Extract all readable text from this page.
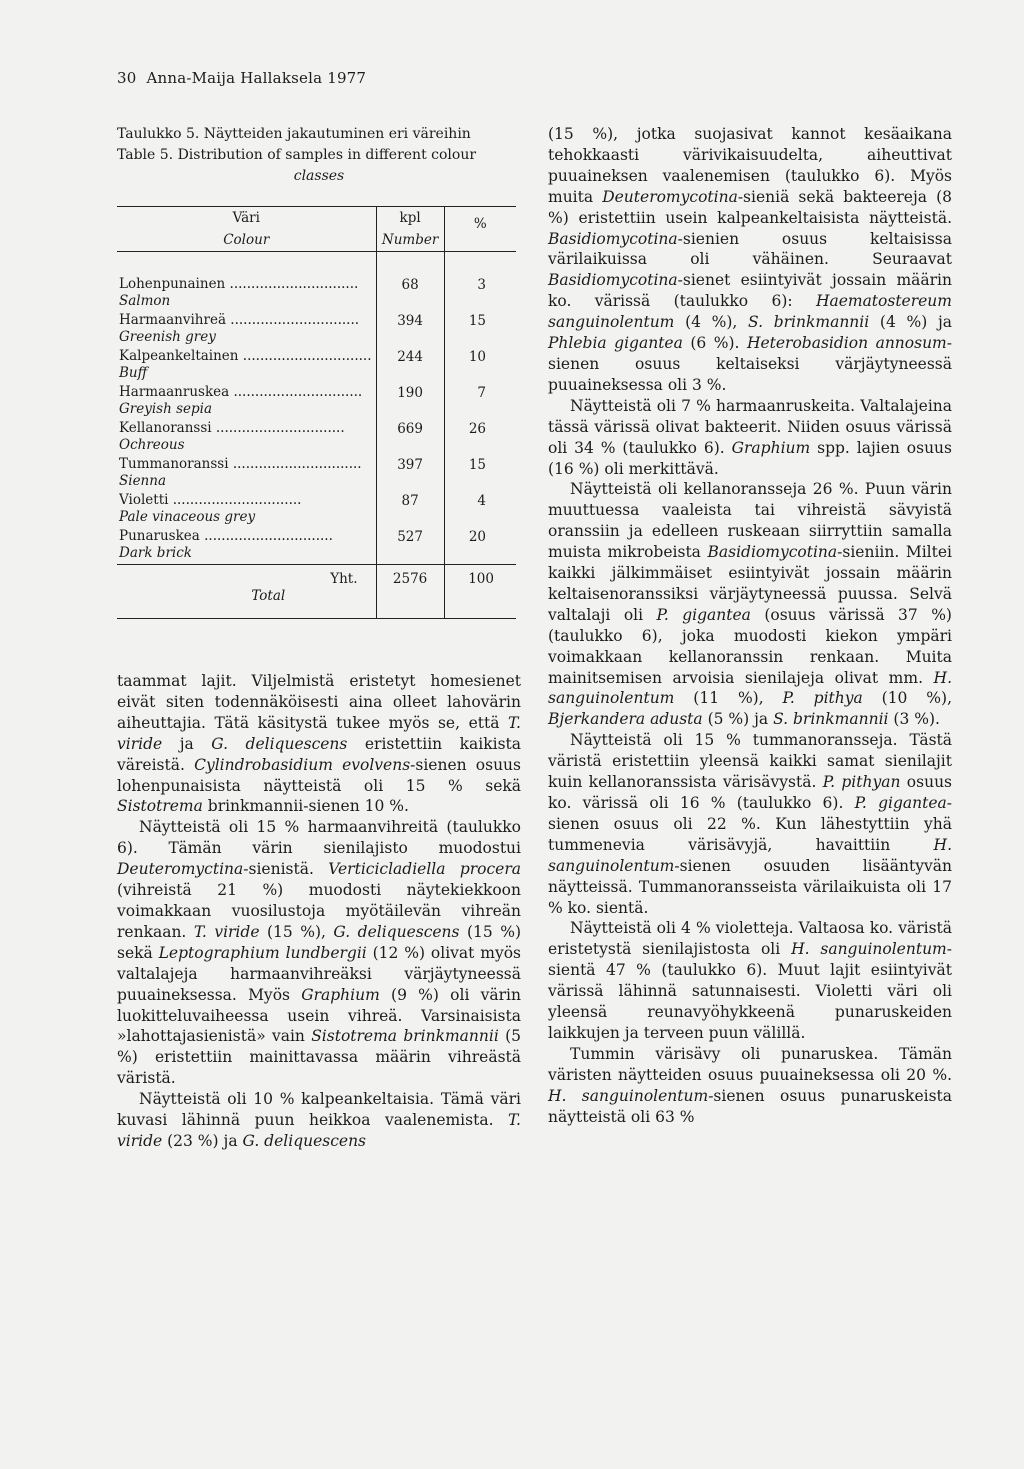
30 Anna-Maija Hallaksela 1977
Taulukko 5. Näytteiden jakautuminen eri väreihin
Table 5. Distribution of samples in different colour
classes
Väri	kpl	%
Colour	Number	

Lohenpunainen ..............................
Salmon	68	3

Harmaanvihreä ..............................
Greenish grey	394	15

Kalpeankeltainen ..............................
Buff	244	10

Harmaanruskea ..............................
Greyish sepia	190	7

Kellanoranssi ..............................
Ochreous	669	26

Tummanoranssi ..............................
Sienna	397	15

Violetti ..............................
Pale vinaceous grey	87	4

Punaruskea ..............................
Dark brick	527	20

Yht.
Total	2576	100

taammat lajit. Viljelmistä eristetyt homesienet eivät siten todennäköisesti aina olleet lahovärin aiheuttajia. Tätä käsitystä tukee myös se, että T. viride ja G. deliquescens eristettiin kaikista väreistä. Cylindrobasidium evolvens-sienen osuus lohenpunaisista näytteistä oli 15 % sekä Sistotrema brinkmannii-sienen 10 %.

Näytteistä oli 15 % harmaanvihreitä (taulukko 6). Tämän värin sienilajisto muodostui Deuteromyctina-sienistä. Verticicladiella procera (vihreistä 21 %) muodosti näytekiekkoon voimakkaan vuosilustoja myötäilevän vihreän renkaan. T. viride (15 %), G. deliquescens (15 %) sekä Leptographium lundbergii (12 %) olivat myös valtalajeja harmaanvihreäksi värjäytyneessä puuaineksessa. Myös Graphium (9 %) oli värin luokitteluvaiheessa usein vihreä. Varsinaisista »lahottajasienistä» vain Sistotrema brinkmannii (5 %) eristettiin mainittavassa määrin vihreästä väristä.

Näytteistä oli 10 % kalpeankeltaisia. Tämä väri kuvasi lähinnä puun heikkoa vaalenemista. T. viride (23 %) ja G. deliquescens

(15 %), jotka suojasivat kannot kesäaikana tehokkaasti värivikaisuudelta, aiheuttivat puuaineksen vaalenemisen (taulukko 6). Myös muita Deuteromycotina-sieniä sekä bakteereja (8 %) eristettiin usein kalpeankeltaisista näytteistä. Basidiomycotina-sienien osuus keltaisissa värilaikuissa oli vähäinen. Seuraavat Basidiomycotina-sienet esiintyivät jossain määrin ko. värissä (taulukko 6): Haematostereum sanguinolentum (4 %), S. brinkmannii (4 %) ja Phlebia gigantea (6 %). Heterobasidion annosum-sienen osuus keltaiseksi värjäytyneessä puuaineksessa oli 3 %.

Näytteistä oli 7 % harmaanruskeita. Valtalajeina tässä värissä olivat bakteerit. Niiden osuus värissä oli 34 % (taulukko 6). Graphium spp. lajien osuus (16 %) oli merkittävä.

Näytteistä oli kellanoransseja 26 %. Puun värin muuttuessa vaaleista tai vihreistä sävyistä oranssiin ja edelleen ruskeaan siirryttiin samalla muista mikrobeista Basidiomycotina-sieniin. Miltei kaikki jälkimmäiset esiintyivät jossain määrin keltaisenoranssiksi värjäytyneessä puussa. Selvä valtalaji oli P. gigantea (osuus värissä 37 %) (taulukko 6), joka muodosti kiekon ympäri voimakkaan kellanoranssin renkaan. Muita mainitsemisen arvoisia sienilajeja olivat mm. H. sanguinolentum (11 %), P. pithya (10 %), Bjerkandera adusta (5 %) ja S. brinkmannii (3 %).

Näytteistä oli 15 % tummanoransseja. Tästä väristä eristettiin yleensä kaikki samat sienilajit kuin kellanoranssista värisävystä. P. pithyan osuus ko. värissä oli 16 % (taulukko 6). P. gigantea-sienen osuus oli 22 %. Kun lähestyttiin yhä tummenevia värisävyjä, havaittiin H. sanguinolentum-sienen osuuden lisääntyvän näytteissä. Tummanoransseista värilaikuista oli 17 % ko. sientä.

Näytteistä oli 4 % violetteja. Valtaosa ko. väristä eristetystä sienilajistosta oli H. sanguinolentum-sientä 47 % (taulukko 6). Muut lajit esiintyivät värissä lähinnä satunnaisesti. Violetti väri oli yleensä reunavyöhykkeenä punaruskeiden laikkujen ja terveen puun välillä.

Tummin värisävy oli punaruskea. Tämän väristen näytteiden osuus puuaineksessa oli 20 %. H. sanguinolentum-sienen osuus punaruskeista näytteistä oli 63 %
